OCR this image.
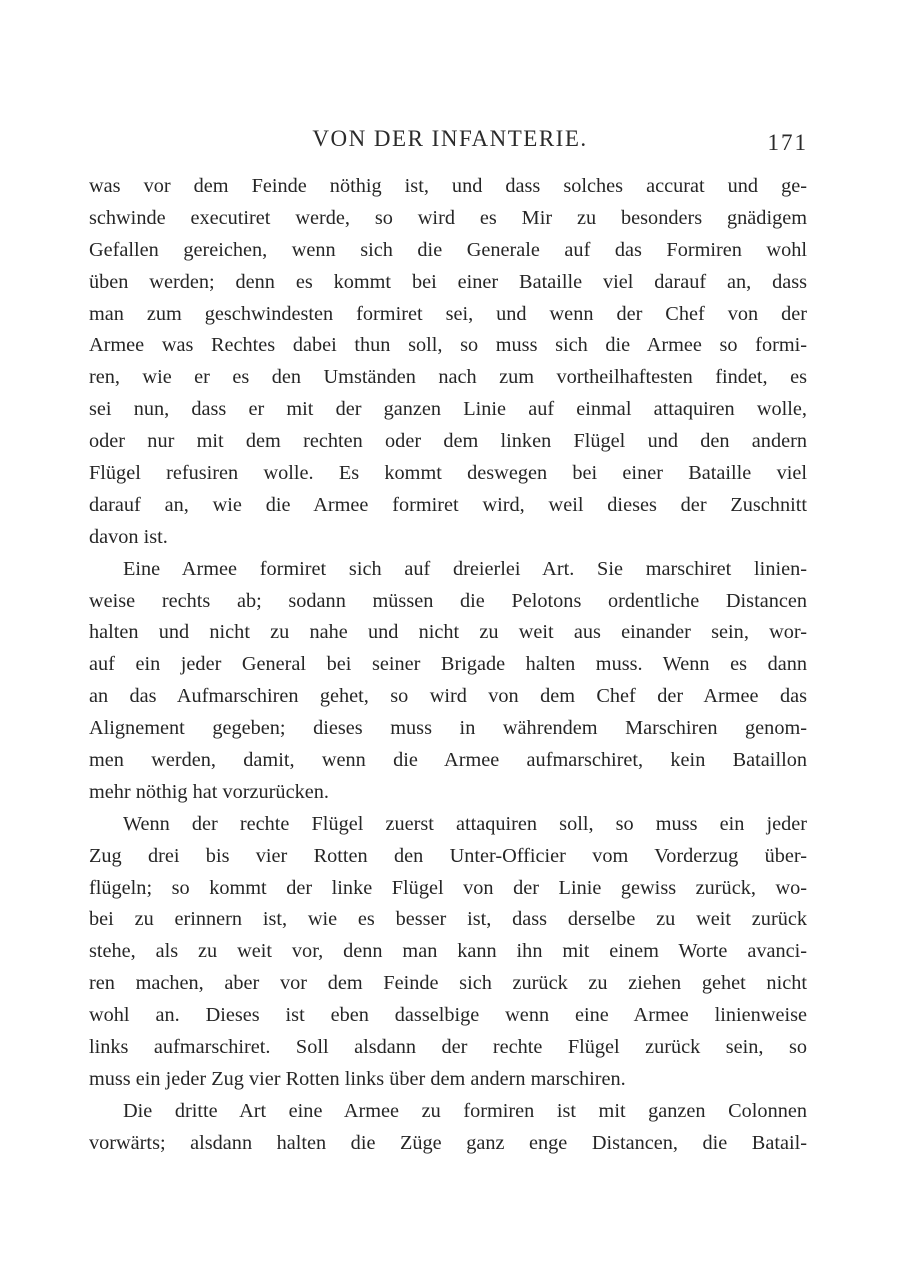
VON DER INFANTERIE.	171
was vor dem Feinde nöthig ist, und dass solches accurat und ge-
schwinde executiret werde, so wird es Mir zu besonders gnädigem
Gefallen gereichen, wenn sich die Generale auf das Formiren wohl
üben werden; denn es kommt bei einer Bataille viel darauf an, dass
man zum geschwindesten formiret sei, und wenn der Chef von der
Armee was Rechtes dabei thun soll, so muss sich die Armee so formi-
ren, wie er es den Umständen nach zum vortheilhaftesten findet, es
sei nun, dass er mit der ganzen Linie auf einmal attaquiren wolle,
oder nur mit dem rechten oder dem linken Flügel und den andern
Flügel refusiren wolle. Es kommt deswegen bei einer Bataille viel
darauf an, wie die Armee formiret wird, weil dieses der Zuschnitt
davon ist.
Eine Armee formiret sich auf dreierlei Art. Sie marschiret linien-
weise rechts ab; sodann müssen die Pelotons ordentliche Distancen
halten und nicht zu nahe und nicht zu weit aus einander sein, wor-
auf ein jeder General bei seiner Brigade halten muss. Wenn es dann
an das Aufmarschiren gehet, so wird von dem Chef der Armee das
Alignement gegeben; dieses muss in währendem Marschiren genom-
men werden, damit, wenn die Armee aufmarschiret, kein Bataillon
mehr nöthig hat vorzurücken.
Wenn der rechte Flügel zuerst attaquiren soll, so muss ein jeder
Zug drei bis vier Rotten den Unter-Officier vom Vorderzug über-
flügeln; so kommt der linke Flügel von der Linie gewiss zurück, wo-
bei zu erinnern ist, wie es besser ist, dass derselbe zu weit zurück
stehe, als zu weit vor, denn man kann ihn mit einem Worte avanci-
ren machen, aber vor dem Feinde sich zurück zu ziehen gehet nicht
wohl an. Dieses ist eben dasselbige wenn eine Armee linienweise
links aufmarschiret. Soll alsdann der rechte Flügel zurück sein, so
muss ein jeder Zug vier Rotten links über dem andern marschiren.
Die dritte Art eine Armee zu formiren ist mit ganzen Colonnen
vorwärts; alsdann halten die Züge ganz enge Distancen, die Batail-
